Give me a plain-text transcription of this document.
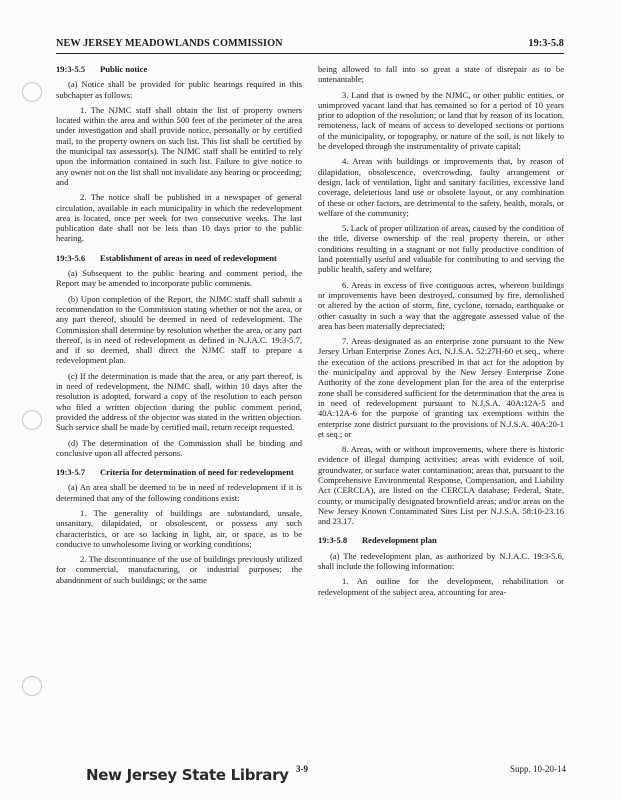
NEW JERSEY MEADOWLANDS COMMISSION	19:3-5.8
19:3-5.5	Public notice

(a) Notice shall be provided for public hearings required in this subchapter as follows:

1. The NJMC staff shall obtain the list of property owners located within the area and within 500 feet of the perimeter of the area under investigation and shall provide notice, personally or by certified mail, to the property owners on such list. This list shall be certified by the municipal tax assessor(s). The NJMC staff shall be entitled to rely upon the information contained in such list. Failure to give notice to any owner not on the list shall not invalidate any hearing or proceeding; and

2. The notice shall be published in a newspaper of general circulation, available in each municipality in which the redevelopment area is located, once per week for two consecutive weeks. The last publication date shall not be less than 10 days prior to the public hearing.

19:3-5.6	Establishment of areas in need of redevelopment

(a) Subsequent to the public hearing and comment period, the Report may be amended to incorporate public comments.

(b) Upon completion of the Report, the NJMC staff shall submit a recommendation to the Commission stating whether or not the area, or any part thereof, should be deemed in need of redevelopment. The Commission shall determine by resolution whether the area, or any part thereof, is in need of redevelopment as defined in N.J.A.C. 19:3-5.7, and if so deemed, shall direct the NJMC staff to prepare a redevelopment plan.

(c) If the determination is made that the area, or any part thereof, is in need of redevelopment, the NJMC shall, within 10 days after the resolution is adopted, forward a copy of the resolution to each person who filed a written objection during the public comment period, provided the address of the objector was stated in the written objection. Such service shall be made by certified mail, return receipt requested.

(d) The determination of the Commission shall be binding and conclusive upon all affected persons.

19:3-5.7	Criteria for determination of need for redevelopment

(a) An area shall be deemed to be in need of redevelopment if it is determined that any of the following conditions exist:

1. The generality of buildings are substandard, unsafe, unsanitary, dilapidated, or obsolescent, or possess any such characteristics, or are so lacking in light, air, or space, as to be conducive to unwholesome living or working conditions;

2. The discontinuance of the use of buildings previously utilized for commercial, manufacturing, or industrial purposes; the abandonment of such buildings; or the same

being allowed to fall into so great a state of disrepair as to be untenantable;

3. Land that is owned by the NJMC, or other public entities, or unimproved vacant land that has remained so for a period of 10 years prior to adoption of the resolution; or land that by reason of its location, remoteness, lack of means of access to developed sections or portions of the municipality, or topography, or nature of the soil, is not likely to be developed through the instrumentality of private capital;

4. Areas with buildings or improvements that, by reason of dilapidation, obsolescence, overcrowding, faulty arrangement or design, lack of ventilation, light and sanitary facilities, excessive land coverage, deleterious land use or obsolete layout, or any combination of these or other factors, are detrimental to the safety, health, morals, or welfare of the community;

5. Lack of proper utilization of areas, caused by the condition of the title, diverse ownership of the real property therein, or other conditions resulting in a stagnant or not fully productive condition of land potentially useful and valuable for contributing to and serving the public health, safety and welfare;

6. Areas in excess of five contiguous acres, whereon buildings or improvements have been destroyed, consumed by fire, demolished or altered by the action of storm, fire, cyclone, tornado, earthquake or other casualty in such a way that the aggregate assessed value of the area has been materially depreciated;

7. Areas designated as an enterprise zone pursuant to the New Jersey Urban Enterprise Zones Act, N.J.S.A. 52:27H-60 et seq., where the execution of the actions prescribed in that act for the adoption by the municipality and approval by the New Jersey Enterprise Zone Authority of the zone development plan for the area of the enterprise zone shall be considered sufficient for the determination that the area is in need of redevelopment pursuant to N.J.S.A. 40A:12A-5 and 40A:12A-6 for the purpose of granting tax exemptions within the enterprise zone district pursuant to the provisions of N.J.S.A. 40A:20-1 et seq.; or

8. Areas, with or without improvements, where there is historic evidence of illegal dumping activities; areas with evidence of soil, groundwater, or surface water contamination; areas that, pursuant to the Comprehensive Environmental Response, Compensation, and Liability Act (CERCLA), are listed on the CERCLA database; Federal, State, county, or municipally designated brownfield areas; and/or areas on the New Jersey Known Contaminated Sites List per N.J.S.A. 58:10-23.16 and 23.17.

19:3-5.8	Redevelopment plan

(a) The redevelopment plan, as authorized by N.J.A.C. 19:3-5.6, shall include the following information:

1. An outline for the development, rehabilitation or redevelopment of the subject area, accounting for area-

New Jersey State Library 3-9	Supp. 10-20-14
